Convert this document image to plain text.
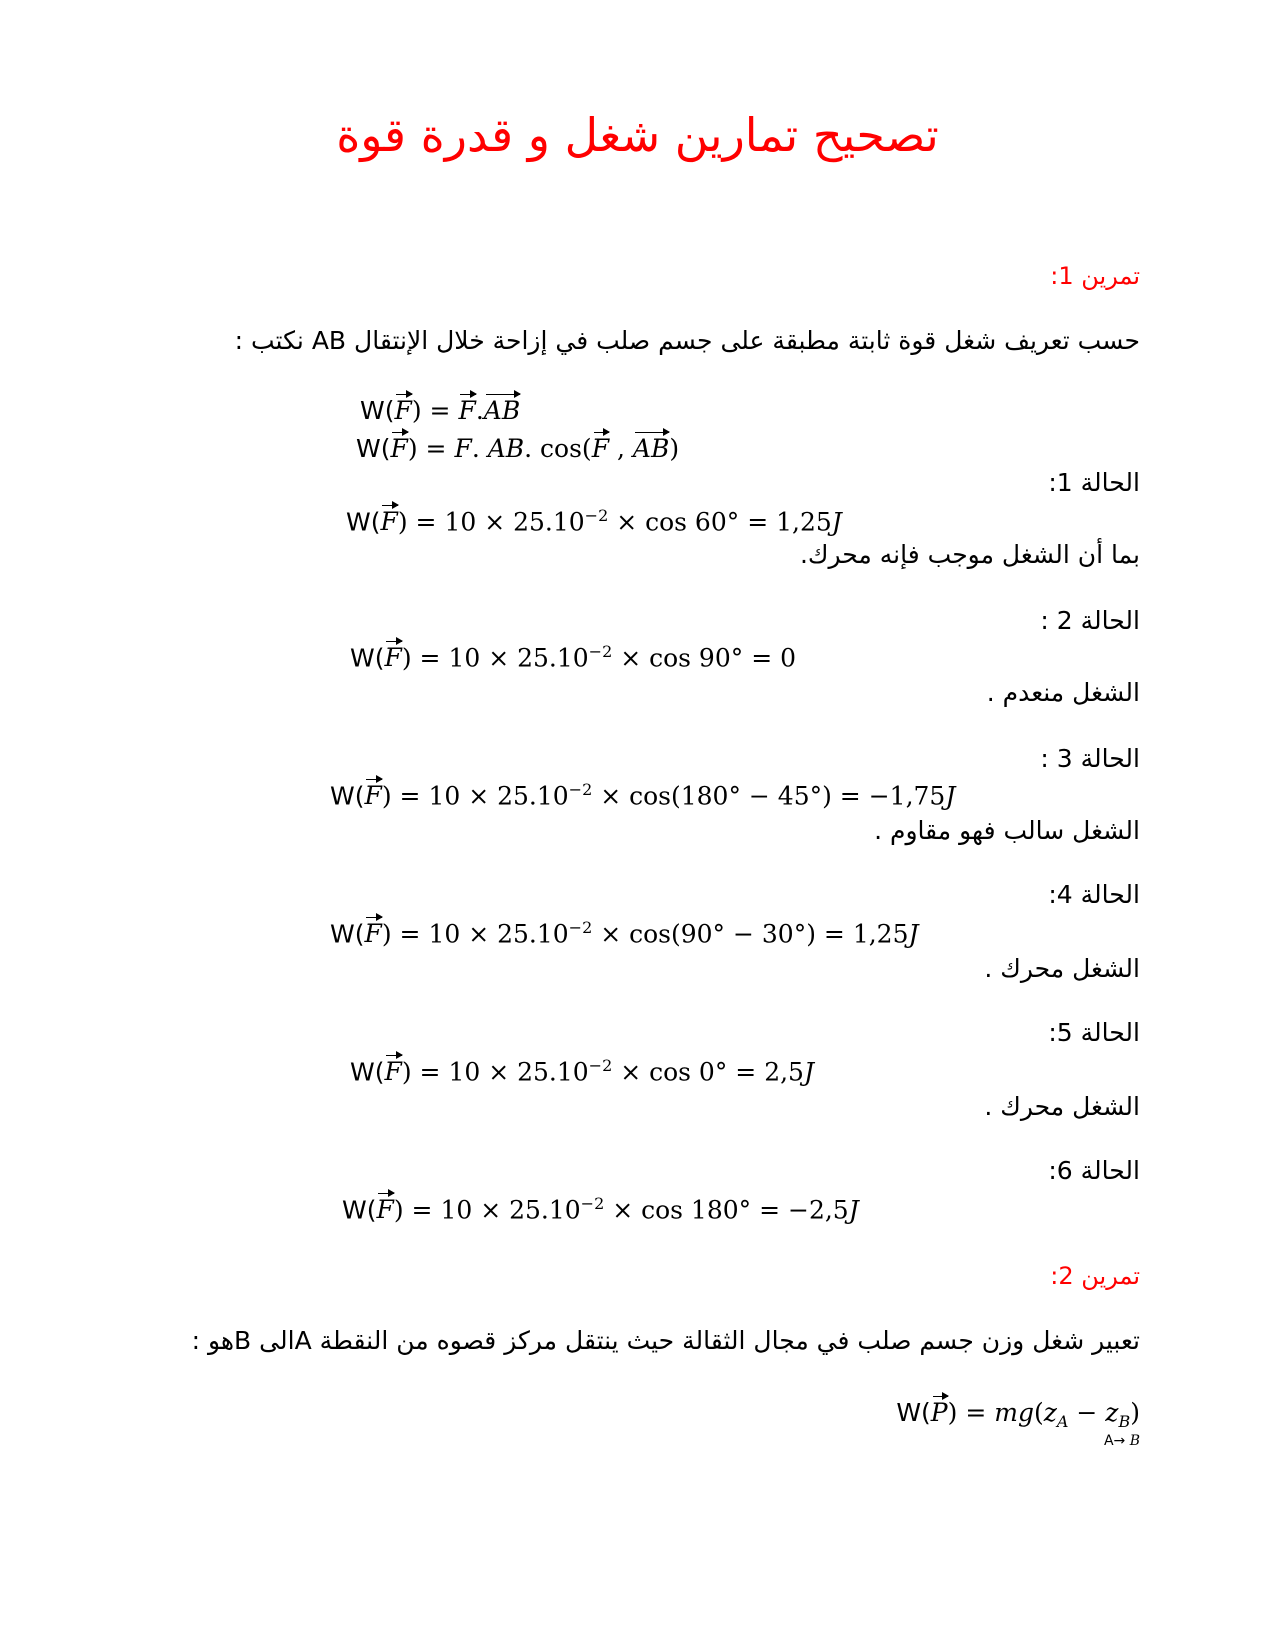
تصحيح تمارين شغل و قدرة قوة
تمرين 1:
حسب تعريف شغل قوة ثابتة مطبقة على جسم صلب في إزاحة خلال الإنتقال AB نكتب :
W(F) = F.AB
W(F) = F. AB. cos(F , AB)
الحالة 1:
$W(F) = 10 \times 25.10^{-2} \times \cos 60^\circ = 1,25J$
بما أن الشغل موجب فإنه محرك.
الحالة 2 :
$W(F) = 10 \times 25.10^{-2} \times \cos 90^\circ = 0$
الشغل منعدم .
الحالة 3 :
$W(F) = 10 \times 25.10^{-2} \times \cos(180^\circ - 45^\circ) = -1,75J$
الشغل سالب فهو مقاوم .
الحالة 4:
$W(F) = 10 \times 25.10^{-2} \times \cos(90^\circ - 30^\circ) = 1,25J$
الشغل محرك .
الحالة 5:
$W(F) = 10 \times 25.10^{-2} \times \cos 0^\circ = 2,5J$
الشغل محرك .
الحالة 6:
$W(F) = 10 \times 25.10^{-2} \times \cos 180^\circ = -2,5J$
تمرين 2:
تعبير شغل وزن جسم صلب في مجال الثقالة حيث ينتقل مركز قصوه من النقطة Aالى Bهو :
$W(P) = mg(z_A - z_B)$
A→ B
